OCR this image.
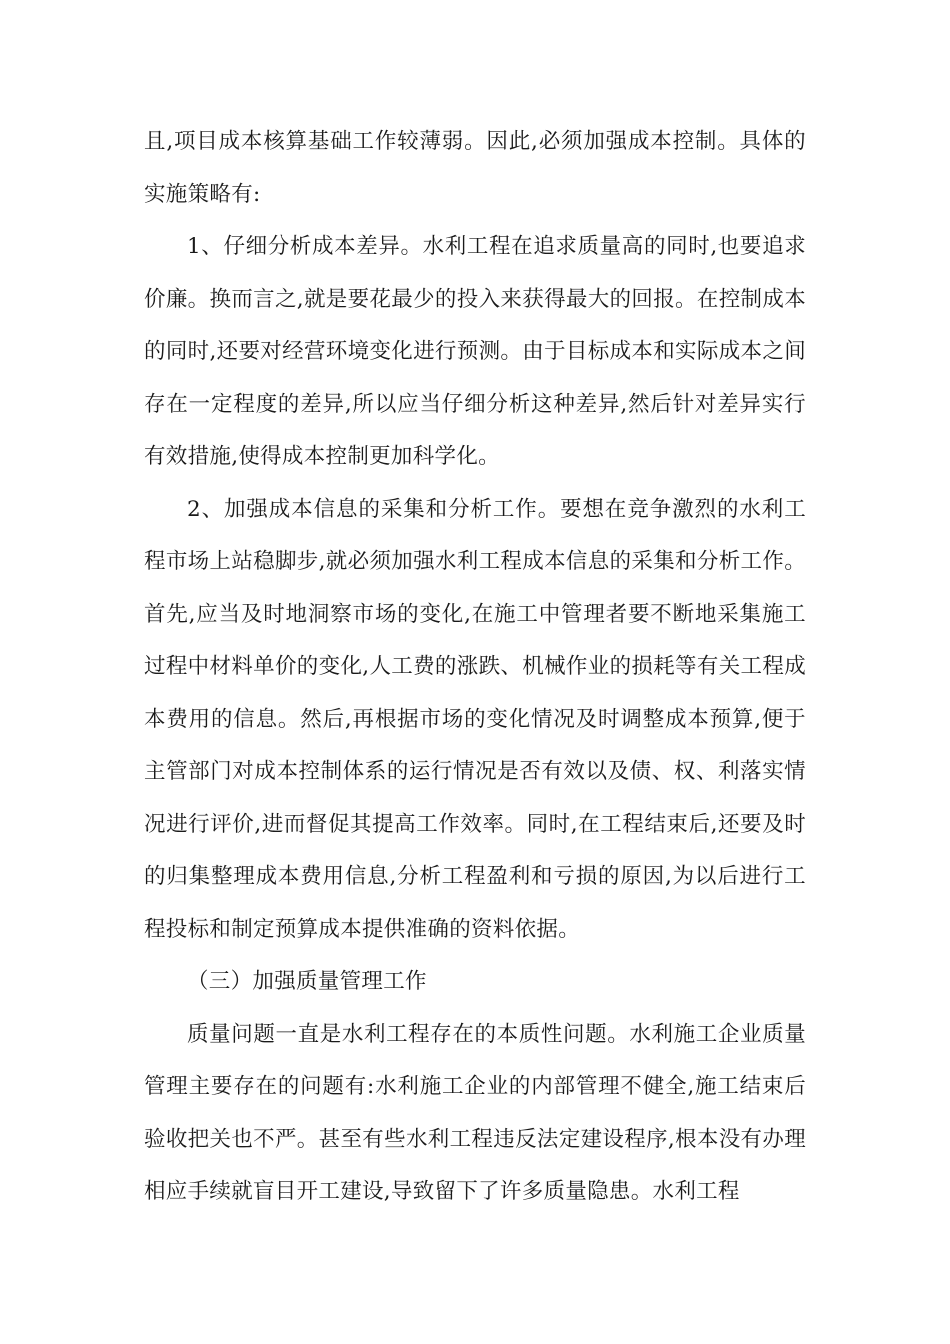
且,项目成本核算基础工作较薄弱。因此,必须加强成本控制。具体的实施策略有:

1、仔细分析成本差异。水利工程在追求质量高的同时,也要追求价廉。换而言之,就是要花最少的投入来获得最大的回报。在控制成本的同时,还要对经营环境变化进行预测。由于目标成本和实际成本之间存在一定程度的差异,所以应当仔细分析这种差异,然后针对差异实行有效措施,使得成本控制更加科学化。

2、加强成本信息的采集和分析工作。要想在竞争激烈的水利工程市场上站稳脚步,就必须加强水利工程成本信息的采集和分析工作。首先,应当及时地洞察市场的变化,在施工中管理者要不断地采集施工过程中材料单价的变化,人工费的涨跌、机械作业的损耗等有关工程成本费用的信息。然后,再根据市场的变化情况及时调整成本预算,便于主管部门对成本控制体系的运行情况是否有效以及债、权、利落实情况进行评价,进而督促其提高工作效率。同时,在工程结束后,还要及时的归集整理成本费用信息,分析工程盈利和亏损的原因,为以后进行工程投标和制定预算成本提供准确的资料依据。

（三）加强质量管理工作

质量问题一直是水利工程存在的本质性问题。水利施工企业质量管理主要存在的问题有:水利施工企业的内部管理不健全,施工结束后验收把关也不严。甚至有些水利工程违反法定建设程序,根本没有办理相应手续就盲目开工建设,导致留下了许多质量隐患。水利工程
